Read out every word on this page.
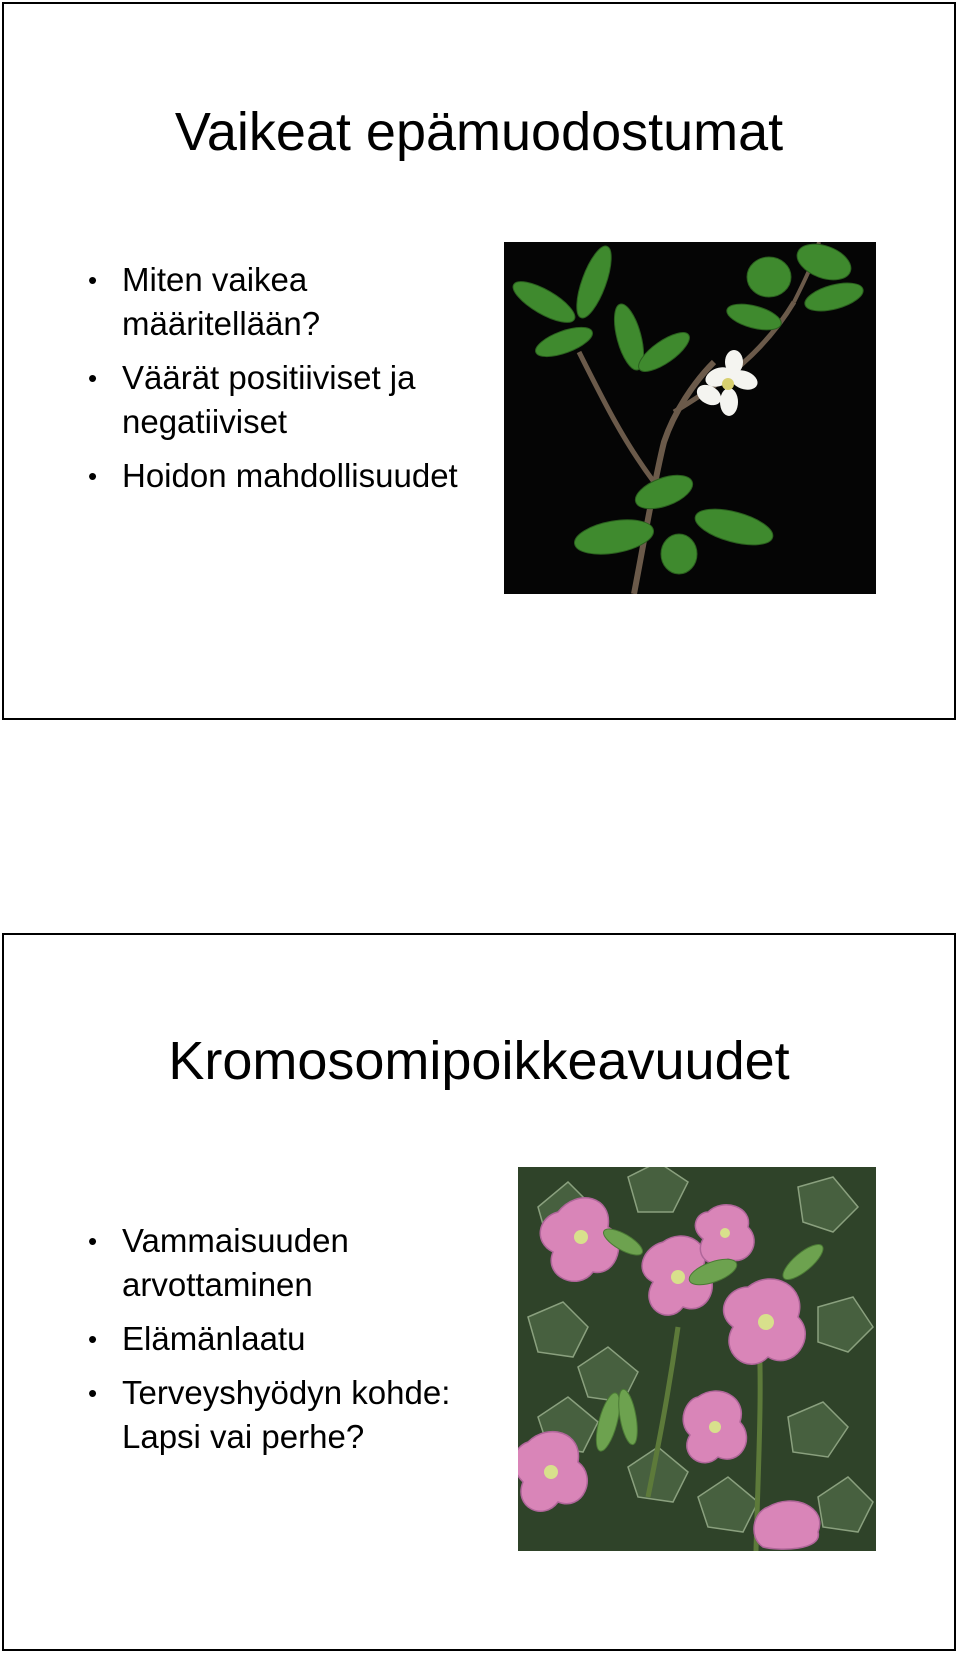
Vaikeat epämuodostumat
• Miten vaikea määritellään?
• Väärät positiiviset ja negatiiviset
• Hoidon mahdollisuudet
Kromosomipoikkeavuudet
• Vammaisuuden arvottaminen
• Elämänlaatu
• Terveyshyödyn kohde: Lapsi vai perhe?
